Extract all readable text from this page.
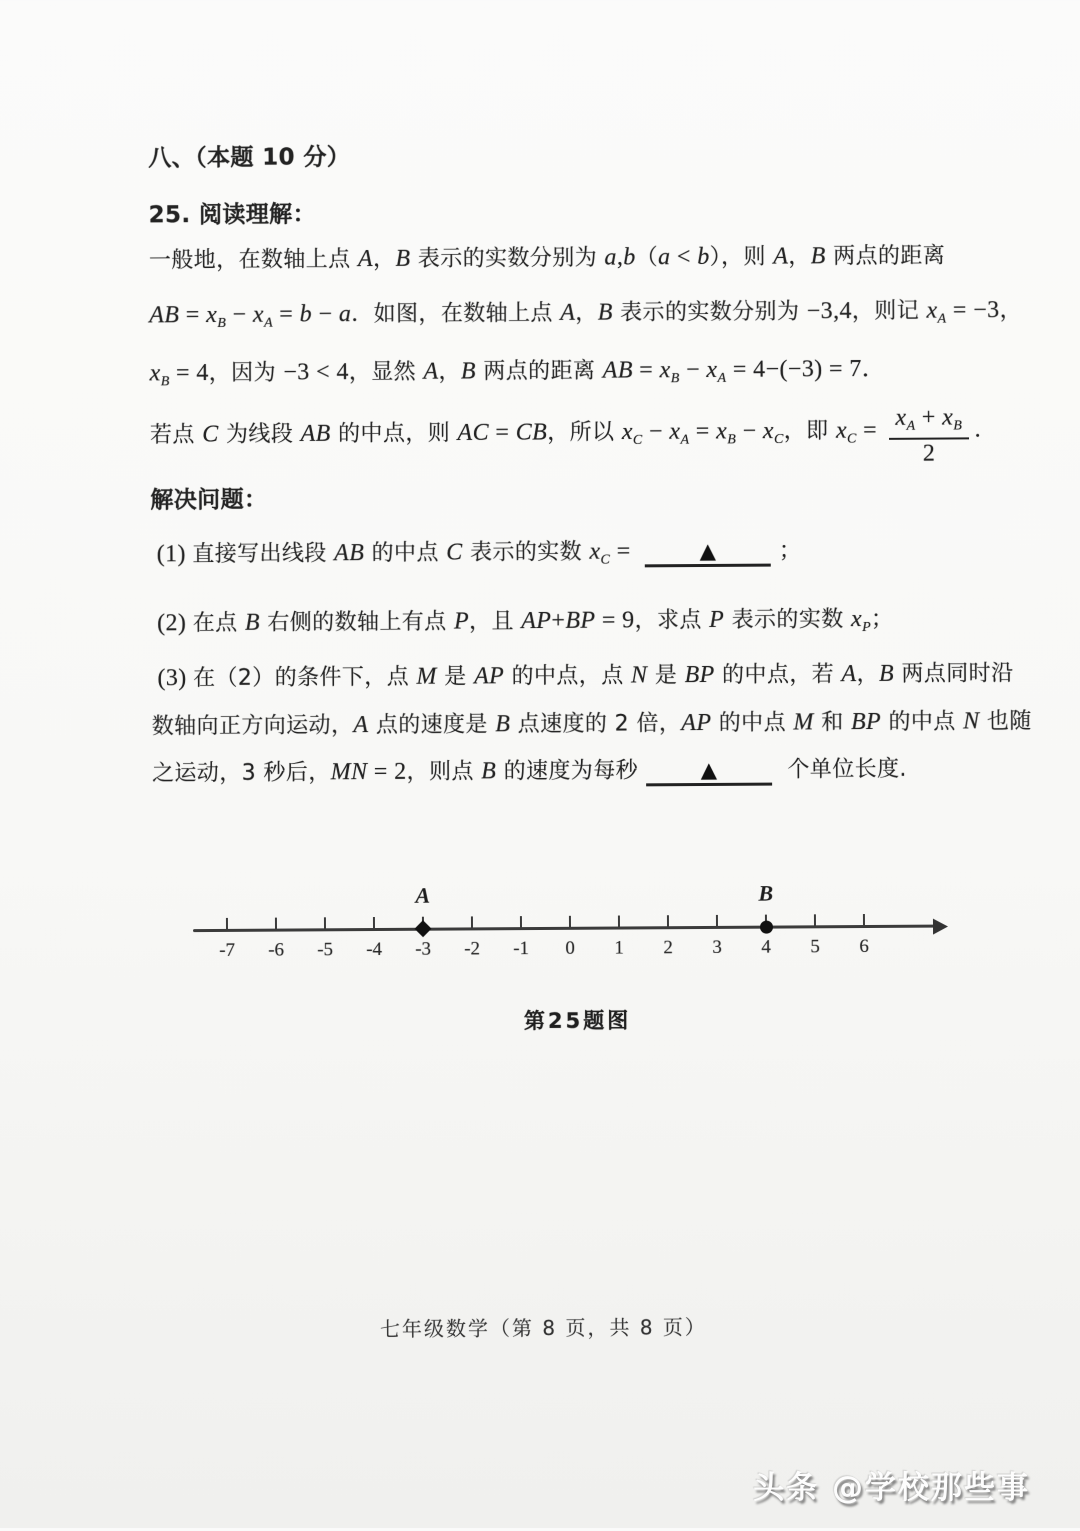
八、（本题 10 分）
25. 阅读理解：
一般地，在数轴上点 A，B 表示的实数分别为 a,b（a < b），则 A，B 两点的距离
AB = $x_B - x_A = b - a$．如图，在数轴上点 A，B 表示的实数分别为 −3,4，则记 $x_A = -3$，
$x_B = 4$，因为 −3 < 4，显然 A，B 两点的距离 AB = $x_B - x_A = 4-(-3) = 7$．
若点 C 为线段 AB 的中点，则 AC = CB，所以 $x_C - x_A = x_B - x_C$，即 $x_C = \frac{x_A + x_B}{2}$ ．
解决问题：
(1) 直接写出线段 AB 的中点 C 表示的实数 $x_C$ =	▲	；
(2) 在点 B 右侧的数轴上有点 P，且 AP+BP = 9，求点 P 表示的实数 $x_P$；
(3) 在（2）的条件下，点 M 是 AP 的中点，点 N 是 BP 的中点，若 A，B 两点同时沿
数轴向正方向运动，A 点的速度是 B 点速度的 2 倍，AP 的中点 M 和 BP 的中点 N 也随
之运动，3 秒后，MN = 2，则点 B 的速度为每秒	▲	个单位长度.
-7	-6	-5	-4	-3	-2	-1	0	1	2	3	4	5	6
A	B
第25题图
七年级数学（第 8 页，共 8 页）
头条 @学校那些事
